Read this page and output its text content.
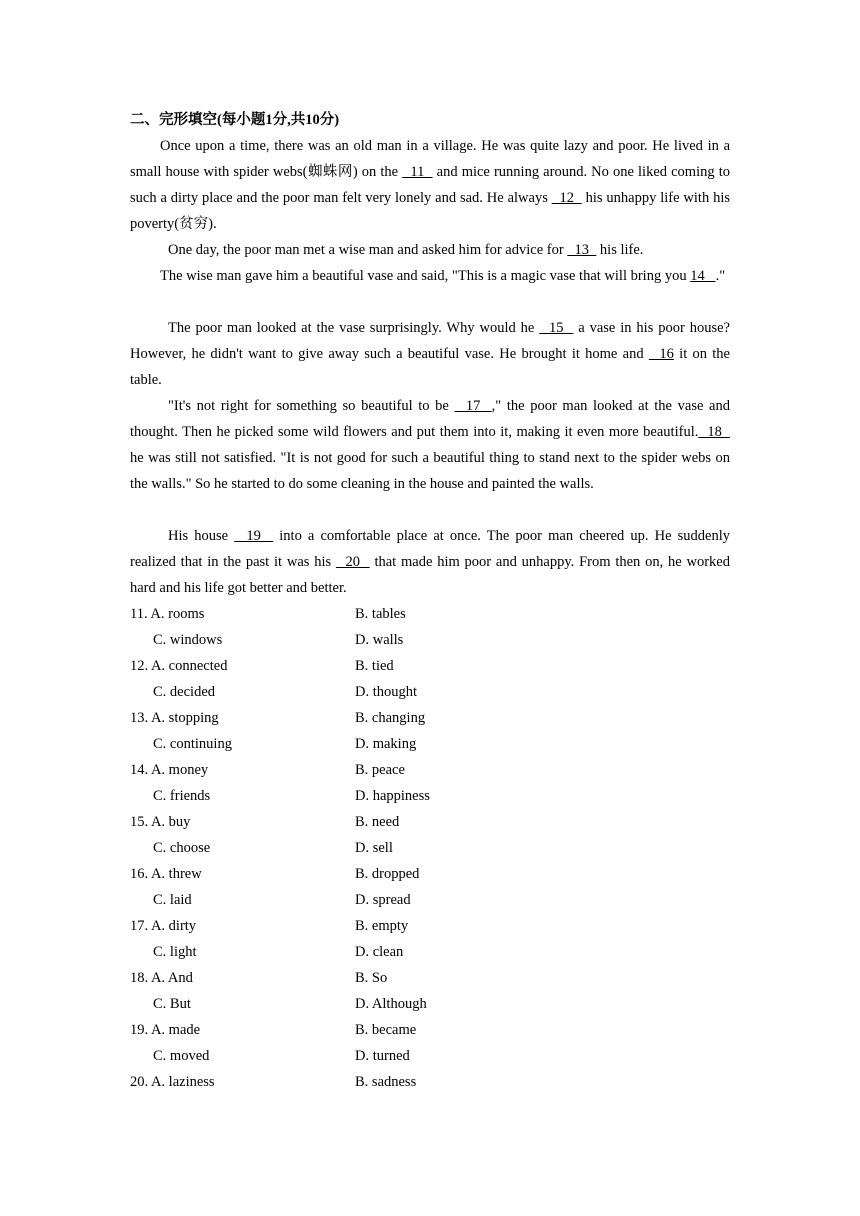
二、完形填空(每小题1分,共10分)
Once upon a time, there was an old man in a village. He was quite lazy and poor. He lived in a small house with spider webs(蜘蛛网) on the   11   and mice running around. No one liked coming to such a dirty place and the poor man felt very lonely and sad. He always   12   his unhappy life with his poverty(贫穷).
One day, the poor man met a wise man and asked him for advice for   13   his life.
The wise man gave him a beautiful vase and said, "This is a magic vase that will bring you 14   ."
The poor man looked at the vase surprisingly. Why would he   15   a vase in his poor house? However, he didn't want to give away such a beautiful vase. He brought it home and   16 it on the table.
"It's not right for something so beautiful to be   17  ," the poor man looked at the vase and thought. Then he picked some wild flowers and put them into it, making it even more beautiful.  18   he was still not satisfied. "It is not good for such a beautiful thing to stand next to the spider webs on the walls." So he started to do some cleaning in the house and painted the walls.
His house   19   into a comfortable place at once. The poor man cheered up. He suddenly realized that in the past it was his   20   that made him poor and unhappy. From then on, he worked hard and his life got better and better.
11. A. rooms	B. tables
C. windows	D. walls
12. A. connected	B. tied
C. decided	D. thought
13. A. stopping	B. changing
C. continuing	D. making
14. A. money	B. peace
C. friends	D. happiness
15. A. buy	B. need
C. choose	D. sell
16. A. threw	B. dropped
C. laid	D. spread
17. A. dirty	B. empty
C. light	D. clean
18. A. And	B. So
C. But	D. Although
19. A. made	B. became
C. moved	D. turned
20. A. laziness	B. sadness
